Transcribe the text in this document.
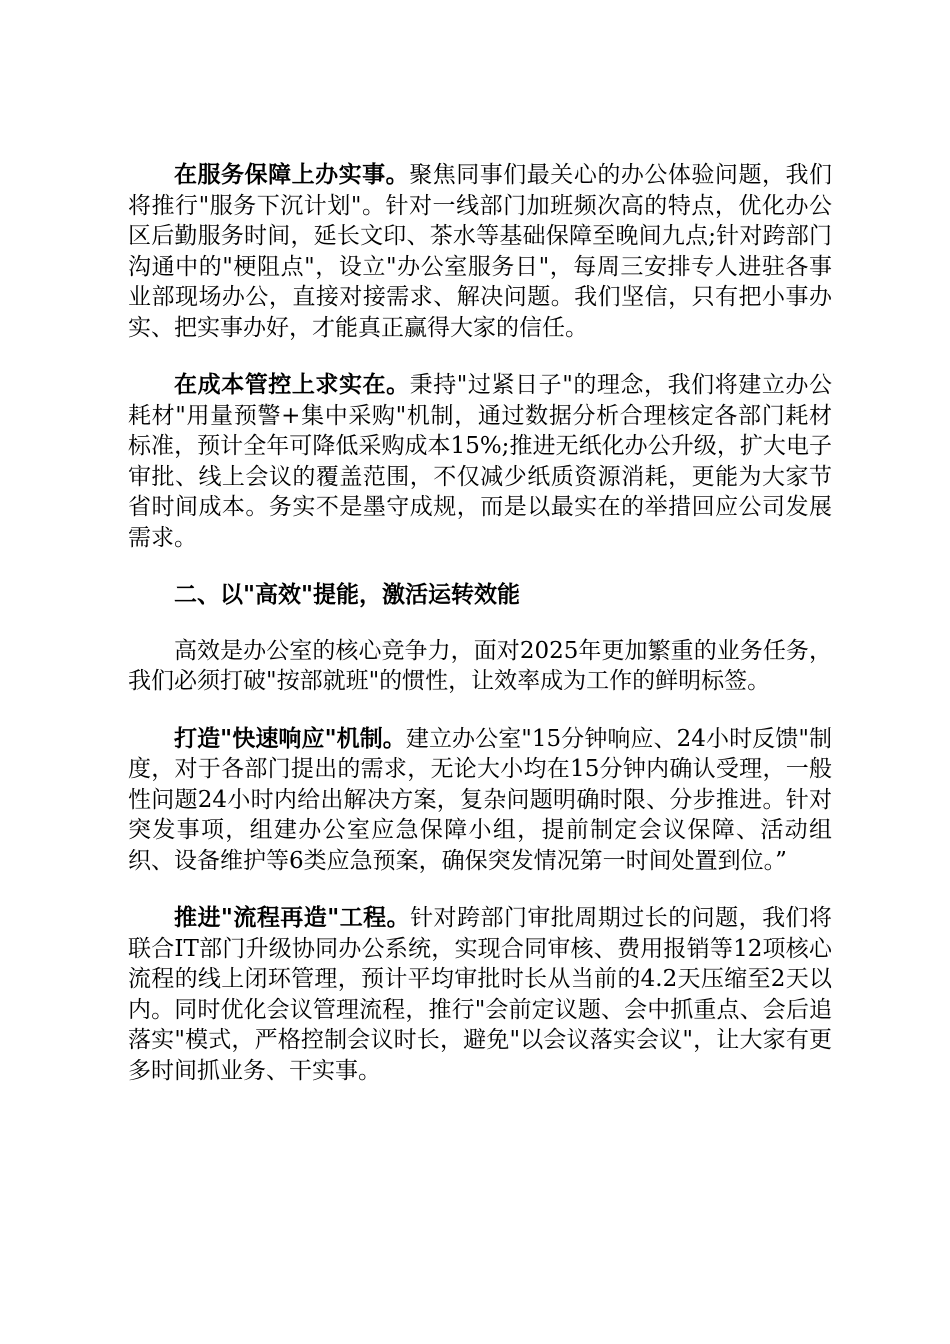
在服务保障上办实事。聚焦同事们最关心的办公体验问题，我们将推行"服务下沉计划"。针对一线部门加班频次高的特点，优化办公区后勤服务时间，延长文印、茶水等基础保障至晚间九点;针对跨部门沟通中的"梗阻点"，设立"办公室服务日"，每周三安排专人进驻各事业部现场办公，直接对接需求、解决问题。我们坚信，只有把小事办实、把实事办好，才能真正赢得大家的信任。

在成本管控上求实在。秉持"过紧日子"的理念，我们将建立办公耗材"用量预警+集中采购"机制，通过数据分析合理核定各部门耗材标准，预计全年可降低采购成本15%;推进无纸化办公升级，扩大电子审批、线上会议的覆盖范围，不仅减少纸质资源消耗，更能为大家节省时间成本。务实不是墨守成规，而是以最实在的举措回应公司发展需求。

二、以"高效"提能，激活运转效能

高效是办公室的核心竞争力，面对2025年更加繁重的业务任务，我们必须打破"按部就班"的惯性，让效率成为工作的鲜明标签。

打造"快速响应"机制。建立办公室"15分钟响应、24小时反馈"制度，对于各部门提出的需求，无论大小均在15分钟内确认受理，一般性问题24小时内给出解决方案，复杂问题明确时限、分步推进。针对突发事项，组建办公室应急保障小组，提前制定会议保障、活动组织、设备维护等6类应急预案，确保突发情况第一时间处置到位。”

推进"流程再造"工程。针对跨部门审批周期过长的问题，我们将联合IT部门升级协同办公系统，实现合同审核、费用报销等12项核心流程的线上闭环管理，预计平均审批时长从当前的4.2天压缩至2天以内。同时优化会议管理流程，推行"会前定议题、会中抓重点、会后追落实"模式，严格控制会议时长，避免"以会议落实会议"，让大家有更多时间抓业务、干实事。
